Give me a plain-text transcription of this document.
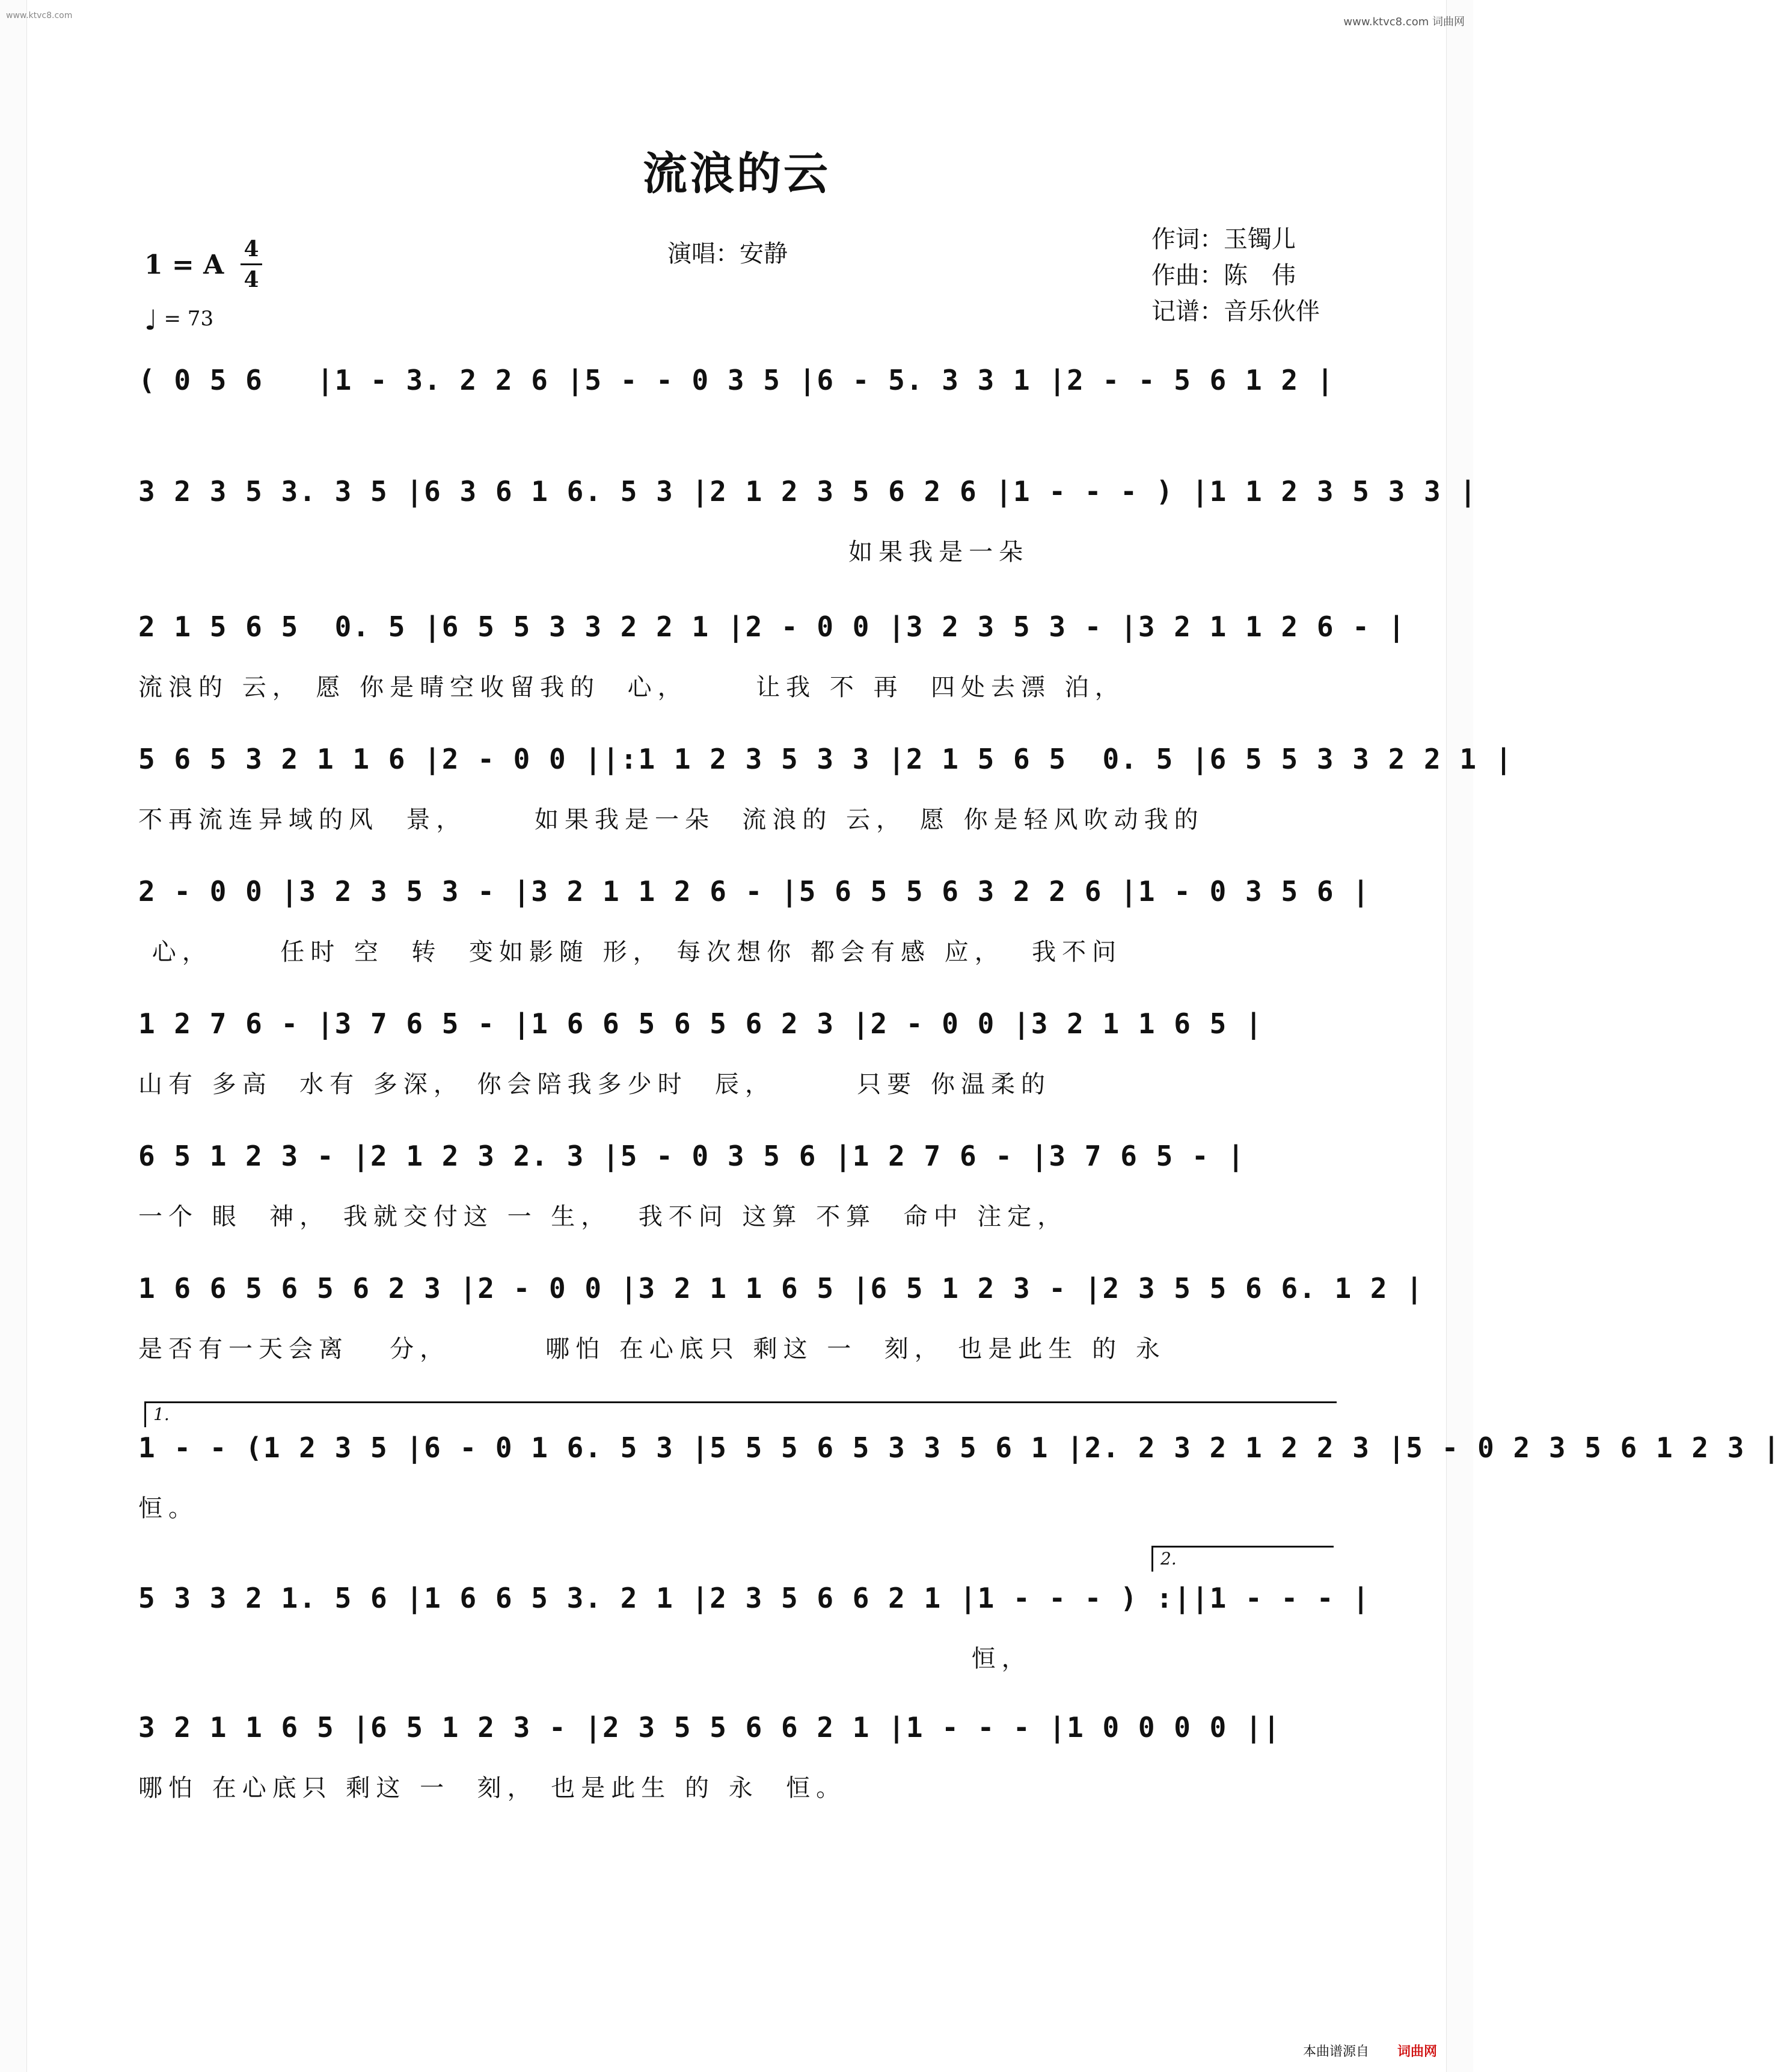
www.ktvc8.com	www.ktvc8.com 词曲网
流浪的云
1 = A
4
4
♩ = 73
演唱：安静
作词：玉镯儿
作曲：陈　伟
记谱：音乐伙伴
( 0 5 6   |1 - 3. 2 2 6 |5 - - 0 3 5 |6 - 5. 3 3 1 |2 - - 5 6 1 2 |
3 2 3 5 3. 3 5 |6 3 6 1 6. 5 3 |2 1 2 3 5 6 2 6 |1 - - - ) |1 1 2 3 5 3 3 |
如果我是一朵
2 1 5 6 5  0. 5 |6 5 5 3 3 2 2 1 |2 - 0 0 |3 2 3 5 3 - |3 2 1 1 2 6 - |
流浪的 云， 愿 你是晴空收留我的  心，     让我 不 再  四处去漂 泊，
5 6 5 3 2 1 1 6 |2 - 0 0 ||:1 1 2 3 5 3 3 |2 1 5 6 5  0. 5 |6 5 5 3 3 2 2 1 |
不再流连异域的风  景，     如果我是一朵  流浪的 云， 愿 你是轻风吹动我的
2 - 0 0 |3 2 3 5 3 - |3 2 1 1 2 6 - |5 6 5 5 6 3 2 2 6 |1 - 0 3 5 6 |
心，     任时 空  转  变如影随 形， 每次想你 都会有感 应，  我不问
1 2 7 6 - |3 7 6 5 - |1 6 6 5 6 5 6 2 3 |2 - 0 0 |3 2 1 1 6 5 |
山有 多高  水有 多深， 你会陪我多少时  辰，      只要 你温柔的
6 5 1 2 3 - |2 1 2 3 2. 3 |5 - 0 3 5 6 |1 2 7 6 - |3 7 6 5 - |
一个 眼  神， 我就交付这 一 生，  我不问 这算 不算  命中 注定，
1 6 6 5 6 5 6 2 3 |2 - 0 0 |3 2 1 1 6 5 |6 5 1 2 3 - |2 3 5 5 6 6. 1 2 |
是否有一天会离   分，       哪怕 在心底只 剩这 一  刻， 也是此生 的 永
1.
1 - - (1 2 3 5 |6 - 0 1 6. 5 3 |5 5 5 6 5 3 3 5 6 1 |2. 2 3 2 1 2 2 3 |5 - 0 2 3 5 6 1 2 3 |
恒。
2.
5 3 3 2 1. 5 6 |1 6 6 5 3. 2 1 |2 3 5 6 6 2 1 |1 - - - ) :||1 - - - |
恒，
3 2 1 1 6 5 |6 5 1 2 3 - |2 3 5 5 6 6 2 1 |1 - - - |1 0 0 0 0 ||
哪怕 在心底只 剩这 一  刻， 也是此生 的 永  恒。
本曲谱源自 词曲网
